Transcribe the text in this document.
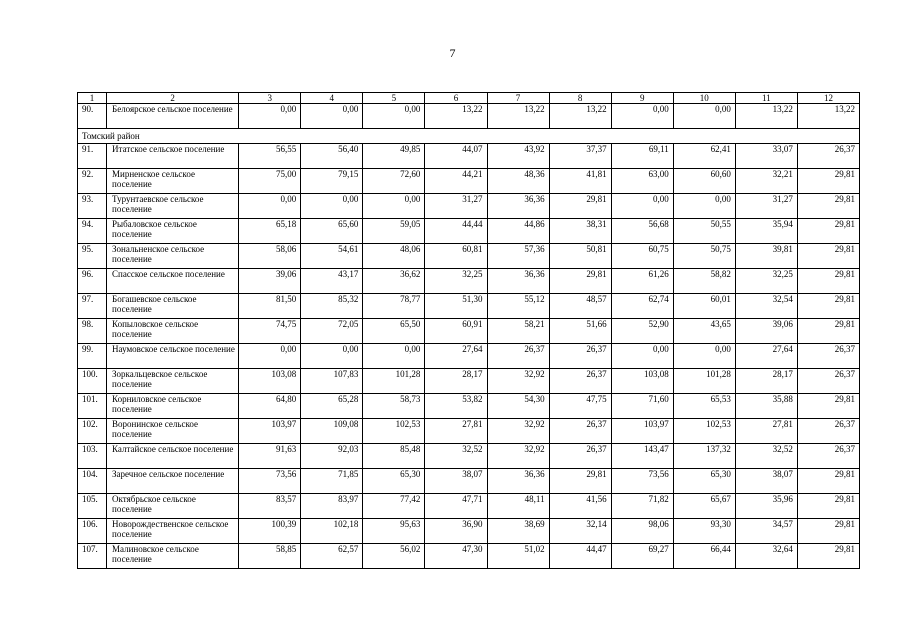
7
1	2	3	4	5	6	7	8	9	10	11	12
90.	Белоярское сельское поселение	0,00	0,00	0,00	13,22	13,22	13,22	0,00	0,00	13,22	13,22
Томский район											
91.	Итатское сельское поселение	56,55	56,40	49,85	44,07	43,92	37,37	69,11	62,41	33,07	26,37
92.	Мирненское сельское поселение	75,00	79,15	72,60	44,21	48,36	41,81	63,00	60,60	32,21	29,81
93.	Турунтаевское сельское поселение	0,00	0,00	0,00	31,27	36,36	29,81	0,00	0,00	31,27	29,81
94.	Рыбаловское сельское поселение	65,18	65,60	59,05	44,44	44,86	38,31	56,68	50,55	35,94	29,81
95.	Зональненское сельское поселение	58,06	54,61	48,06	60,81	57,36	50,81	60,75	50,75	39,81	29,81
96.	Спасское сельское поселение	39,06	43,17	36,62	32,25	36,36	29,81	61,26	58,82	32,25	29,81
97.	Богашевское сельское поселение	81,50	85,32	78,77	51,30	55,12	48,57	62,74	60,01	32,54	29,81
98.	Копыловское сельское поселение	74,75	72,05	65,50	60,91	58,21	51,66	52,90	43,65	39,06	29,81
99.	Наумовское сельское поселение	0,00	0,00	0,00	27,64	26,37	26,37	0,00	0,00	27,64	26,37
100.	Зоркальцевское сельское поселение	103,08	107,83	101,28	28,17	32,92	26,37	103,08	101,28	28,17	26,37
101.	Корниловское сельское поселение	64,80	65,28	58,73	53,82	54,30	47,75	71,60	65,53	35,88	29,81
102.	Воронинское сельское поселение	103,97	109,08	102,53	27,81	32,92	26,37	103,97	102,53	27,81	26,37
103.	Калтайское сельское поселение	91,63	92,03	85,48	32,52	32,92	26,37	143,47	137,32	32,52	26,37
104.	Заречное сельское поселение	73,56	71,85	65,30	38,07	36,36	29,81	73,56	65,30	38,07	29,81
105.	Октябрьское сельское поселение	83,57	83,97	77,42	47,71	48,11	41,56	71,82	65,67	35,96	29,81
106.	Новорождественское сельское поселение	100,39	102,18	95,63	36,90	38,69	32,14	98,06	93,30	34,57	29,81
107.	Малиновское сельское поселение	58,85	62,57	56,02	47,30	51,02	44,47	69,27	66,44	32,64	29,81
